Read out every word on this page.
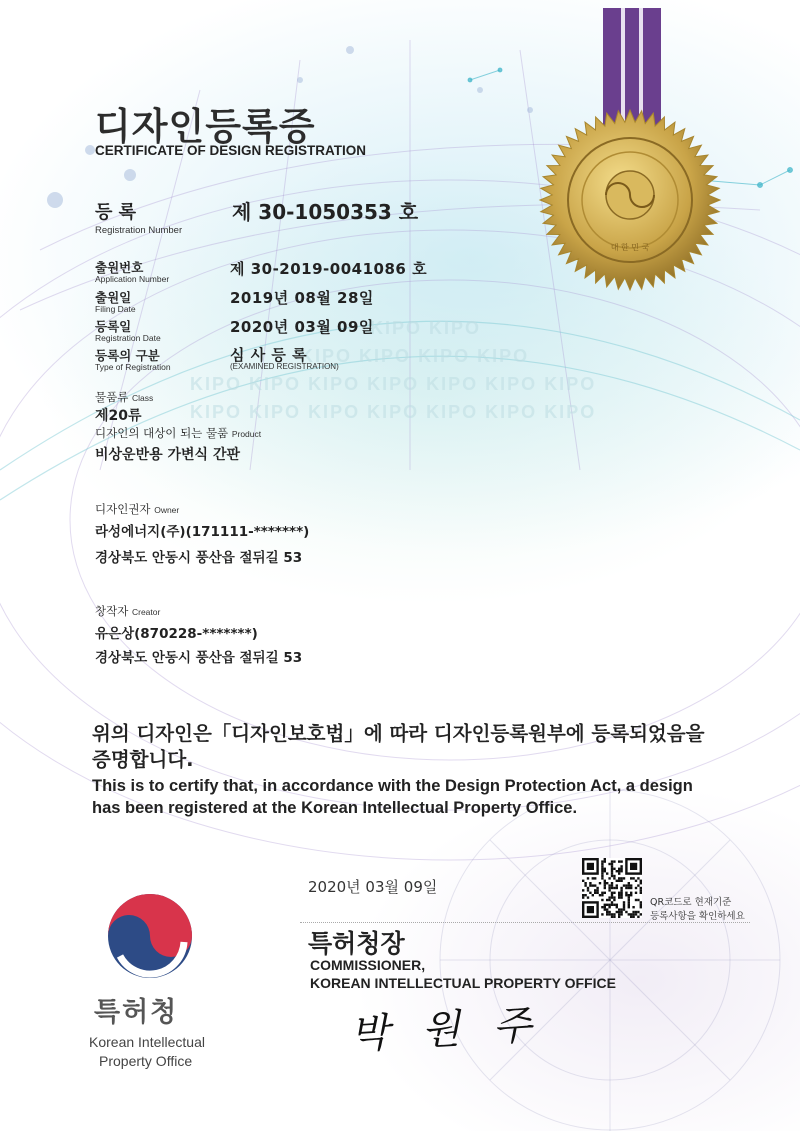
KIPO KIPO
KIPO KIPO KIPO KIPO
KIPO KIPO KIPO KIPO KIPO KIPO KIPO
KIPO KIPO KIPO KIPO KIPO KIPO KIPO
대 한 민 국
디자인등록증
CERTIFICATE OF DESIGN REGISTRATION
등 록
Registration Number
제 30-1050353 호
출원번호
Application Number
제 30-2019-0041086 호
출원일
Filing Date
2019년 08월 28일
등록일
Registration Date
2020년 03월 09일
등록의 구분
Type of Registration
심 사 등 록
(EXAMINED REGISTRATION)
물품류 Class
제20류
디자인의 대상이 되는 물품 Product
비상운반용 가변식 간판
디자인권자 Owner
라성에너지(주)(171111-*******)
경상북도 안동시 풍산읍 절뒤길 53
창작자 Creator
유은상(870228-*******)
경상북도 안동시 풍산읍 절뒤길 53
위의 디자인은「디자인보호법」에 따라 디자인등록원부에 등록되었음을
증명합니다.
This is to certify that, in accordance with the Design Protection Act, a design
has been registered at the Korean Intellectual Property Office.
2020년 03월 09일
QR코드로 현재기준
등록사항을 확인하세요
특허청
Korean Intellectual
Property Office
특허청장
COMMISSIONER,
KOREAN INTELLECTUAL PROPERTY OFFICE
박 원 주
